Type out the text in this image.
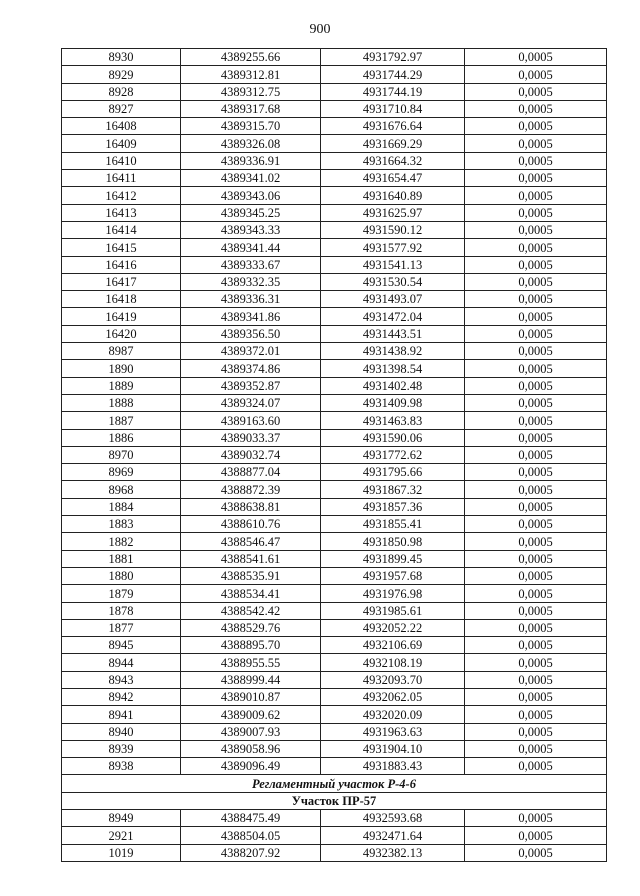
900
8930	4389255.66	4931792.97	0,0005
8929	4389312.81	4931744.29	0,0005
8928	4389312.75	4931744.19	0,0005
8927	4389317.68	4931710.84	0,0005
16408	4389315.70	4931676.64	0,0005
16409	4389326.08	4931669.29	0,0005
16410	4389336.91	4931664.32	0,0005
16411	4389341.02	4931654.47	0,0005
16412	4389343.06	4931640.89	0,0005
16413	4389345.25	4931625.97	0,0005
16414	4389343.33	4931590.12	0,0005
16415	4389341.44	4931577.92	0,0005
16416	4389333.67	4931541.13	0,0005
16417	4389332.35	4931530.54	0,0005
16418	4389336.31	4931493.07	0,0005
16419	4389341.86	4931472.04	0,0005
16420	4389356.50	4931443.51	0,0005
8987	4389372.01	4931438.92	0,0005
1890	4389374.86	4931398.54	0,0005
1889	4389352.87	4931402.48	0,0005
1888	4389324.07	4931409.98	0,0005
1887	4389163.60	4931463.83	0,0005
1886	4389033.37	4931590.06	0,0005
8970	4389032.74	4931772.62	0,0005
8969	4388877.04	4931795.66	0,0005
8968	4388872.39	4931867.32	0,0005
1884	4388638.81	4931857.36	0,0005
1883	4388610.76	4931855.41	0,0005
1882	4388546.47	4931850.98	0,0005
1881	4388541.61	4931899.45	0,0005
1880	4388535.91	4931957.68	0,0005
1879	4388534.41	4931976.98	0,0005
1878	4388542.42	4931985.61	0,0005
1877	4388529.76	4932052.22	0,0005
8945	4388895.70	4932106.69	0,0005
8944	4388955.55	4932108.19	0,0005
8943	4388999.44	4932093.70	0,0005
8942	4389010.87	4932062.05	0,0005
8941	4389009.62	4932020.09	0,0005
8940	4389007.93	4931963.63	0,0005
8939	4389058.96	4931904.10	0,0005
8938	4389096.49	4931883.43	0,0005
Регламентный участок Р-4-6			
Участок ПР-57			
8949	4388475.49	4932593.68	0,0005
2921	4388504.05	4932471.64	0,0005
1019	4388207.92	4932382.13	0,0005
